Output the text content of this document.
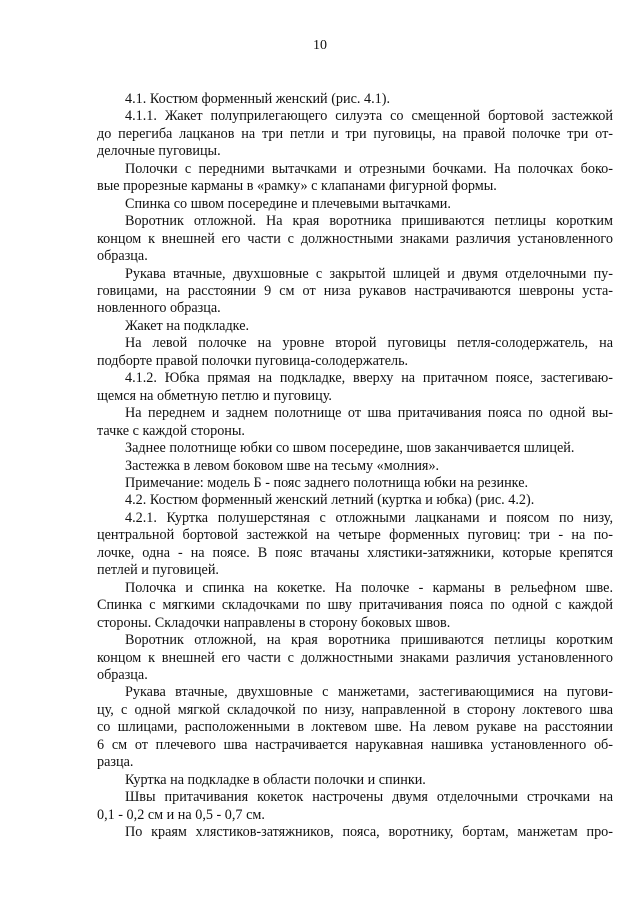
10

4.1. Костюм форменный женский (рис. 4.1).

4.1.1. Жакет полуприлегающего силуэта со смещенной бортовой застежкой
до перегиба лацканов на три петли и три пуговицы, на правой полочке три от-
делочные пуговицы.

Полочки с передними вытачками и отрезными бочками. На полочках боко-
вые прорезные карманы в «рамку» с клапанами фигурной формы.

Спинка со швом посередине и плечевыми вытачками.

Воротник отложной. На края воротника пришиваются петлицы коротким
концом к внешней его части с должностными знаками различия установленного
образца.

Рукава втачные, двухшовные с закрытой шлицей и двумя отделочными пу-
говицами, на расстоянии 9 см от низа рукавов настрачиваются шевроны уста-
новленного образца.

Жакет на подкладке.

На левой полочке на уровне второй пуговицы петля-солодержатель, на
подборте правой полочки пуговица-солодержатель.

4.1.2. Юбка прямая на подкладке, вверху на притачном поясе, застегиваю-
щемся на обметную петлю и пуговицу.

На переднем и заднем полотнище от шва притачивания пояса по одной вы-
тачке с каждой стороны.

Заднее полотнище юбки со швом посередине, шов заканчивается шлицей.

Застежка в левом боковом шве на тесьму «молния».

Примечание: модель Б - пояс заднего полотнища юбки на резинке.

4.2. Костюм форменный женский летний (куртка и юбка) (рис. 4.2).

4.2.1. Куртка полушерстяная с отложными лацканами и поясом по низу,
центральной бортовой застежкой на четыре форменных пуговиц: три - на по-
лочке, одна - на поясе. В пояс втачаны хлястики-затяжники, которые крепятся
петлей и пуговицей.

Полочка и спинка на кокетке. На полочке - карманы в рельефном шве.
Спинка с мягкими складочками по шву притачивания пояса по одной с каждой
стороны. Складочки направлены в сторону боковых швов.

Воротник отложной, на края воротника пришиваются петлицы коротким
концом к внешней его части с должностными знаками различия установленного
образца.

Рукава втачные, двухшовные с манжетами, застегивающимися на пугови-
цу, с одной мягкой складочкой по низу, направленной в сторону локтевого шва
со шлицами, расположенными в локтевом шве. На левом рукаве на расстоянии
6 см от плечевого шва настрачивается нарукавная нашивка установленного об-
разца.

Куртка на подкладке в области полочки и спинки.

Швы притачивания кокеток настрочены двумя отделочными строчками на
0,1 - 0,2 см и на 0,5 - 0,7 см.

По краям хлястиков-затяжников, пояса, воротнику, бортам, манжетам про-
